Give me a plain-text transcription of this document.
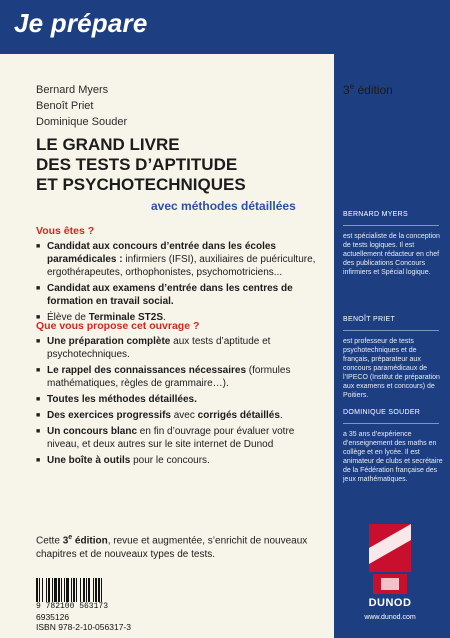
Je prépare
Bernard Myers
Benoît Priet
Dominique Souder
3e édition
LE GRAND LIVRE
DES TESTS D’APTITUDE
ET PSYCHOTECHNIQUES
avec méthodes détaillées
Vous êtes ?
■ Candidat aux concours d’entrée dans les écoles paramédicales : infirmiers (IFSI), auxiliaires de puériculture, ergothérapeutes, orthophonistes, psychomotriciens...
■ Candidat aux examens d’entrée dans les centres de formation en travail social.
■ Élève de Terminale ST2S.
Que vous propose cet ouvrage ?
■ Une préparation complète aux tests d’aptitude et psychotechniques.
■ Le rappel des connaissances nécessaires (formules mathématiques, règles de grammaire…).
■ Toutes les méthodes détaillées.
■ Des exercices progressifs avec corrigés détaillés.
■ Un concours blanc en fin d’ouvrage pour évaluer votre niveau, et deux autres sur le site internet de Dunod
■ Une boîte à outils pour le concours.
Cette 3e édition, revue et augmentée, s’enrichit de nouveaux chapitres et de nouveaux types de tests.
9 782100 563173
6935126
ISBN 978-2-10-056317-3
BERNARD MYERS
est spécialiste de la conception de tests logiques. Il est actuellement rédacteur en chef des publications Concours infirmiers et Spécial logique.
BENOÎT PRIET
est professeur de tests psychotechniques et de français, préparateur aux concours paramédicaux de l’IPECO (Institut de préparation aux examens et concours) de Poitiers.
DOMINIQUE SOUDER
a 35 ans d’expérience d’enseignement des maths en collège et en lycée. Il est animateur de clubs et secrétaire de la Fédération française des jeux mathématiques.
DUNOD
www.dunod.com
